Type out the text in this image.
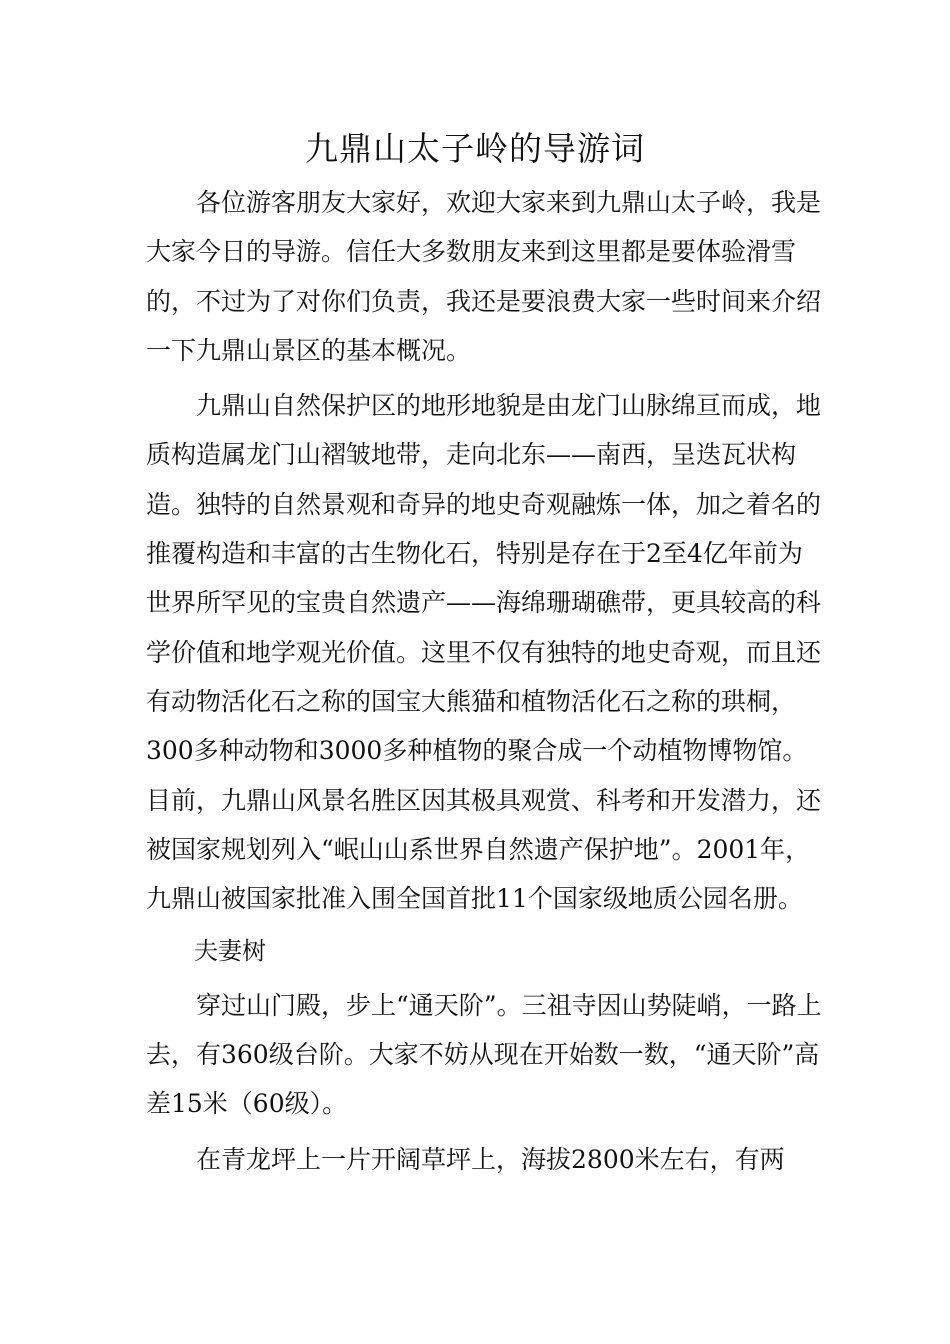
九鼎山太子岭的导游词

各位游客朋友大家好，欢迎大家来到九鼎山太子岭，我是大家今日的导游。信任大多数朋友来到这里都是要体验滑雪的，不过为了对你们负责，我还是要浪费大家一些时间来介绍一下九鼎山景区的基本概况。

九鼎山自然保护区的地形地貌是由龙门山脉绵亘而成，地质构造属龙门山褶皱地带，走向北东——南西，呈迭瓦状构造。独特的自然景观和奇异的地史奇观融炼一体，加之着名的推覆构造和丰富的古生物化石，特别是存在于2至4亿年前为世界所罕见的宝贵自然遗产——海绵珊瑚礁带，更具较高的科学价值和地学观光价值。这里不仅有独特的地史奇观，而且还有动物活化石之称的国宝大熊猫和植物活化石之称的珙桐，300多种动物和3000多种植物的聚合成一个动植物博物馆。目前，九鼎山风景名胜区因其极具观赏、科考和开发潜力，还被国家规划列入“岷山山系世界自然遗产保护地”。2001年，九鼎山被国家批准入围全国首批11个国家级地质公园名册。

夫妻树

穿过山门殿，步上“通天阶”。三祖寺因山势陡峭，一路上去，有360级台阶。大家不妨从现在开始数一数，“通天阶”高差15米（60级）。

在青龙坪上一片开阔草坪上，海拔2800米左右，有两
